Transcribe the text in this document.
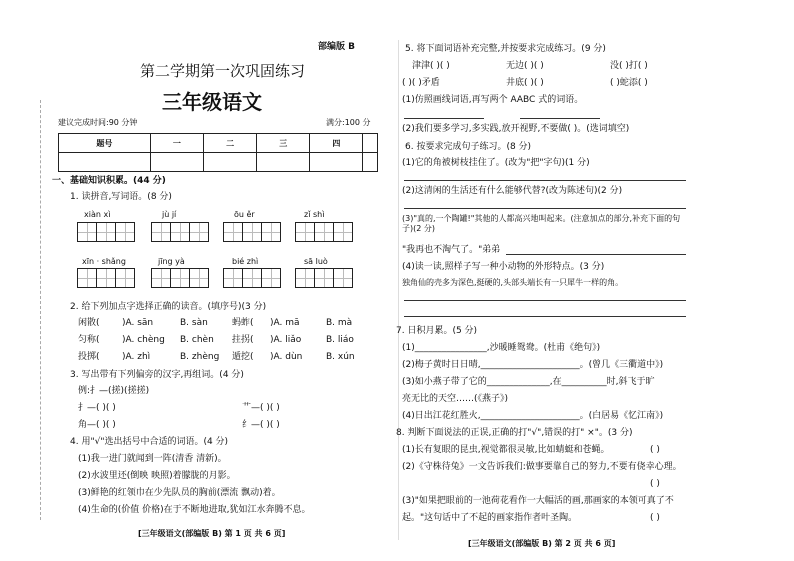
部编版 B
第二学期第一次巩固练习
三年级语文
建议完成时间:90 分钟	满分:100 分
题号	一	二	三	四	

一、基础知识积累。(44 分)
1. 读拼音,写词语。(8 分)
xiàn xì	jù jí	ōu ěr	zǐ shì
xīn · shǎng	jīng yà	bié zhì	sā luò
2. 给下列加点字选择正确的读音。(填序号)(3 分)
闲散( )A. sān	B. sàn	蚂蚱( )A. mā	B. mà
匀称( )A. chèng B. chèn 拄拐( )A. liǎo	B. liáo
投掷( )A. zhì	B. zhèng 遁挖( )A. dùn	B. xún
3. 写出带有下列偏旁的汉字,再组词。(4 分)
例:扌—(搓)(搓搓)
扌—( )( )	艹—( )( )
角—( )( )	纟—( )( )
4. 用"√"选出括号中合适的词语。(4 分)
(1)我一进门就闻到一阵(清香 清新)。
(2)水波里还(倒映 映照)着朦胧的月影。
(3)鲜艳的红领巾在少先队员的胸前(漂流 飘动)着。
(4)生命的(价值 价格)在于不断地进取,犹如江水奔腾不息。
[三年级语文(部编版 B) 第 1 页 共 6 页]
5. 将下面词语补充完整,并按要求完成练习。(9 分)
津津( )( )	无边( )( )	没( )打( )
( )( )矛盾	井底( )( )	( )蛇添( )
(1)仿照画线词语,再写两个 AABC 式的词语。
(2)我们要多学习,多实践,放开视野,不要做( )。(选词填空)
6. 按要求完成句子练习。(8 分)
(1)它的角被树枝挂住了。(改为"把"字句)(1 分)
(2)这清闲的生活还有什么能够代替?(改为陈述句)(2 分)
(3)"真的,一个陶罐!"其他的人都高兴地叫起来。(注意加点的部分,补充下面的句子)(2 分)
"我再也不淘气了。"弟弟
(4)读一读,照样子写一种小动物的外形特点。(3 分)
独角仙的壳多为深色,挺硬的,头部头端长有一只犀牛一样的角。
7. 日积月累。(5 分)
(1)________________,沙暖睡鸳鸯。(杜甫《绝句》)
(2)梅子黄时日日晴,______________________。(曾几《三衢道中》)
(3)如小燕子带了它的______________,在__________时,斜飞于旷
亮无比的天空……(《燕子》)
(4)日出江花红胜火,______________________。(白居易《忆江南》)
8. 判断下面说法的正误,正确的打"√",错误的打" ×"。(3 分)
(1)长有复眼的昆虫,视觉都很灵敏,比如蜻蜓和苍蝇。	( )
(2)《守株待兔》一文告诉我们:做事要靠自己的努力,不要有侥幸心理。
( )
(3)"如果把眼前的一池荷花看作一大幅活的画,那画家的本领可真了不
起。"这句话中了不起的画家指作者叶圣陶。	( )
[三年级语文(部编版 B) 第 2 页 共 6 页]
